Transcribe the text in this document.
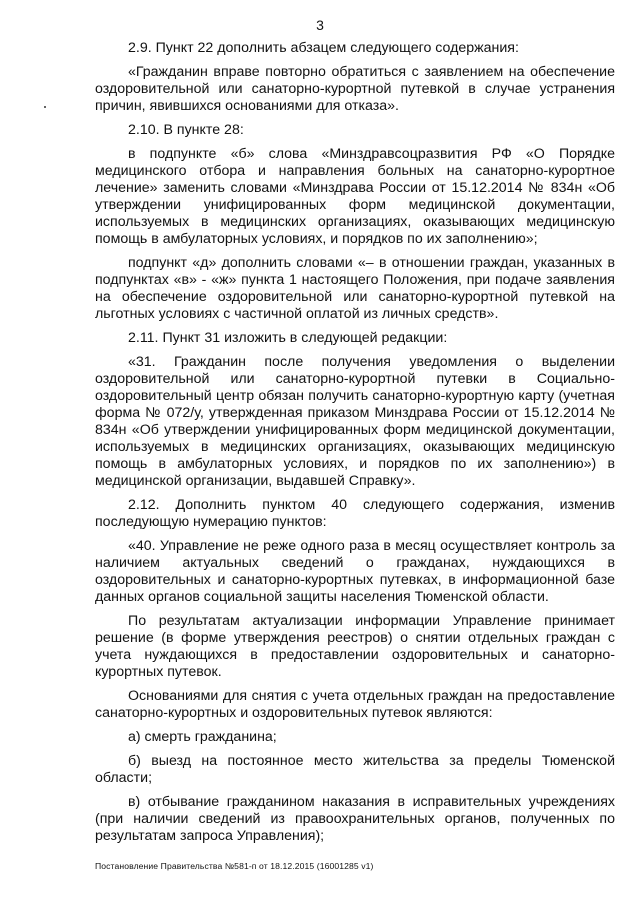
3

2.9. Пункт 22 дополнить абзацем следующего содержания:

«Гражданин вправе повторно обратиться с заявлением на обеспечение оздоровительной или санаторно-курортной путевкой в случае устранения причин, явившихся основаниями для отказа».

2.10. В пункте 28:

в подпункте «б» слова «Минздравсоцразвития РФ «О Порядке медицинского отбора и направления больных на санаторно-курортное лечение» заменить словами «Минздрава России от 15.12.2014 № 834н «Об утверждении унифицированных форм медицинской документации, используемых в медицинских организациях, оказывающих медицинскую помощь в амбулаторных условиях, и порядков по их заполнению»;

подпункт «д» дополнить словами «– в отношении граждан, указанных в подпунктах «в» - «ж» пункта 1 настоящего Положения, при подаче заявления на обеспечение оздоровительной или санаторно-курортной путевкой на льготных условиях с частичной оплатой из личных средств».

2.11. Пункт 31 изложить в следующей редакции:

«31. Гражданин после получения уведомления о выделении оздоровительной или санаторно-курортной путевки в Социально-оздоровительный центр обязан получить санаторно-курортную карту (учетная форма № 072/у, утвержденная приказом Минздрава России от 15.12.2014 № 834н «Об утверждении унифицированных форм медицинской документации, используемых в медицинских организациях, оказывающих медицинскую помощь в амбулаторных условиях, и порядков по их заполнению») в медицинской организации, выдавшей Справку».

2.12. Дополнить пунктом 40 следующего содержания, изменив последующую нумерацию пунктов:

«40. Управление не реже одного раза в месяц осуществляет контроль за наличием актуальных сведений о гражданах, нуждающихся в оздоровительных и санаторно-курортных путевках, в информационной базе данных органов социальной защиты населения Тюменской области.

По результатам актуализации информации Управление принимает решение (в форме утверждения реестров) о снятии отдельных граждан с учета нуждающихся в предоставлении оздоровительных и санаторно-курортных путевок.

Основаниями для снятия с учета отдельных граждан на предоставление санаторно-курортных и оздоровительных путевок являются:

а) смерть гражданина;

б) выезд на постоянное место жительства за пределы Тюменской области;

в) отбывание гражданином наказания в исправительных учреждениях (при наличии сведений из правоохранительных органов, полученных по результатам запроса Управления);

Постановление Правительства №581-п от 18.12.2015 (16001285 v1)
